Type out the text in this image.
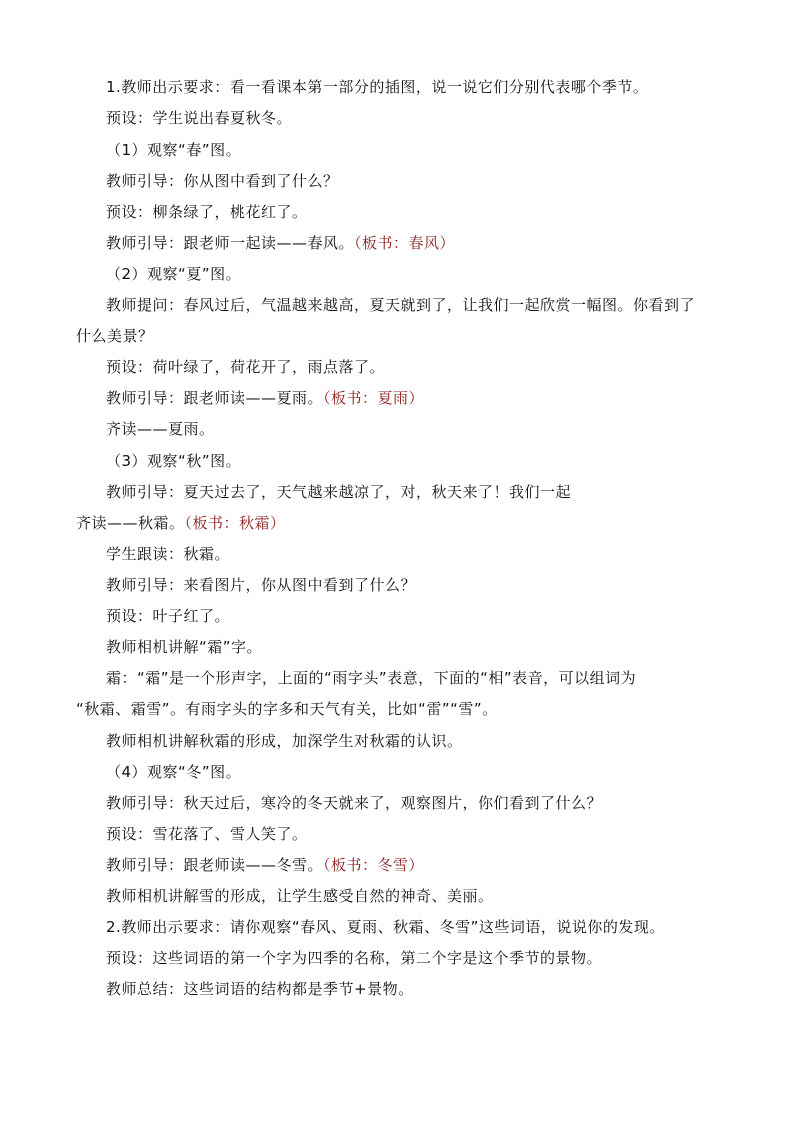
1.教师出示要求：看一看课本第一部分的插图，说一说它们分别代表哪个季节。
预设：学生说出春夏秋冬。
（1）观察“春”图。
教师引导：你从图中看到了什么？
预设：柳条绿了，桃花红了。
教师引导：跟老师一起读——春风。（板书：春风）
（2）观察“夏”图。
教师提问：春风过后，气温越来越高，夏天就到了，让我们一起欣赏一幅图。你看到了
什么美景？
预设：荷叶绿了，荷花开了，雨点落了。
教师引导：跟老师读——夏雨。（板书：夏雨）
齐读——夏雨。
（3）观察“秋”图。
教师引导：夏天过去了，天气越来越凉了，对，秋天来了！我们一起
齐读——秋霜。（板书：秋霜）
学生跟读：秋霜。
教师引导：来看图片，你从图中看到了什么？
预设：叶子红了。
教师相机讲解“霜”字。
霜：“霜”是一个形声字，上面的“雨字头”表意，下面的“相”表音，可以组词为
“秋霜、霜雪”。有雨字头的字多和天气有关，比如“雷”“雪”。
教师相机讲解秋霜的形成，加深学生对秋霜的认识。
（4）观察“冬”图。
教师引导：秋天过后，寒冷的冬天就来了，观察图片，你们看到了什么？
预设：雪花落了、雪人笑了。
教师引导：跟老师读——冬雪。（板书：冬雪）
教师相机讲解雪的形成，让学生感受自然的神奇、美丽。
2.教师出示要求：请你观察“春风、夏雨、秋霜、冬雪”这些词语，说说你的发现。
预设：这些词语的第一个字为四季的名称，第二个字是这个季节的景物。
教师总结：这些词语的结构都是季节+景物。
